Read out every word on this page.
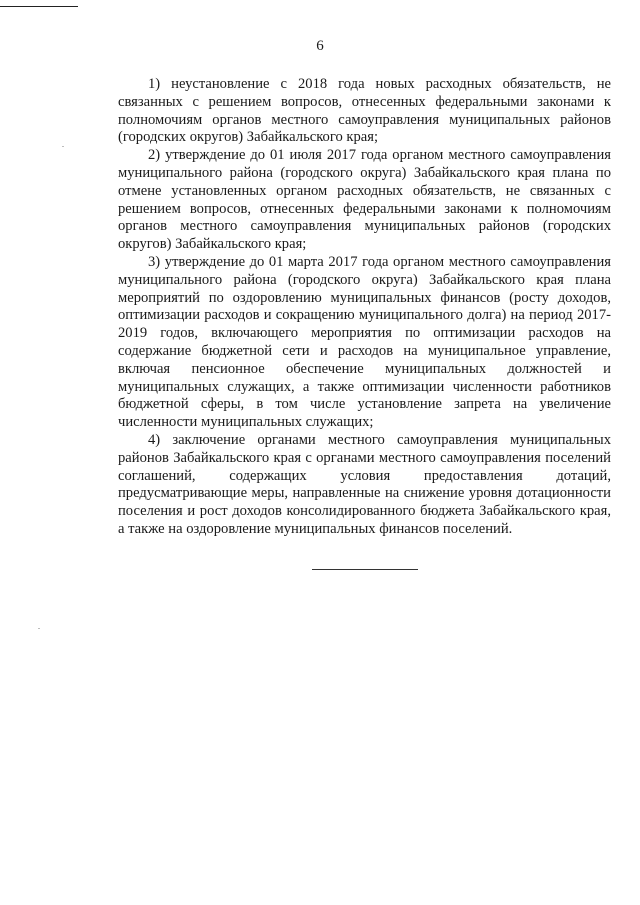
6

1) неустановление с 2018 года новых расходных обязательств, не связанных с решением вопросов, отнесенных федеральными законами к полномочиям органов местного самоуправления муниципальных районов (городских округов) Забайкальского края;

2) утверждение до 01 июля 2017 года органом местного самоуправления муниципального района (городского округа) Забайкальского края плана по отмене установленных органом расходных обязательств, не связанных с решением вопросов, отнесенных федеральными законами к полномочиям органов местного самоуправления муниципальных районов (городских округов) Забайкальского края;

3) утверждение до 01 марта 2017 года органом местного самоуправления муниципального района (городского округа) Забайкальского края плана мероприятий по оздоровлению муниципальных финансов (росту доходов, оптимизации расходов и сокращению муниципального долга) на период 2017-2019 годов, включающего мероприятия по оптимизации расходов на содержание бюджетной сети и расходов на муниципальное управление, включая пенсионное обеспечение муниципальных должностей и муниципальных служащих, а также оптимизации численности работников бюджетной сферы, в том числе установление запрета на увеличение численности муниципальных служащих;

4) заключение органами местного самоуправления муниципальных районов Забайкальского края с органами местного самоуправления поселений соглашений, содержащих условия предоставления дотаций, предусматривающие меры, направленные на снижение уровня дотационности поселения и рост доходов консолидированного бюджета Забайкальского края, а также на оздоровление муниципальных финансов поселений.
